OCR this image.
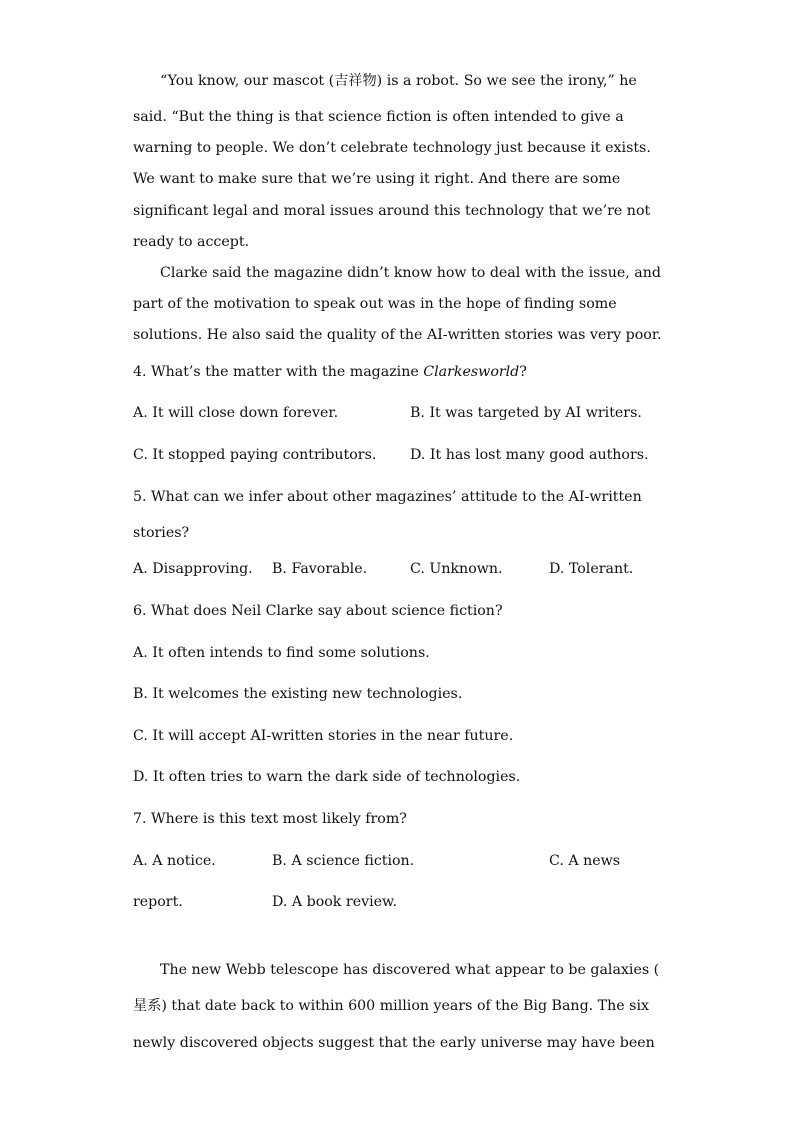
“You know, our mascot (吉祥物) is a robot. So we see the irony,” he
said. “But the thing is that science fiction is often intended to give a
warning to people. We don’t celebrate technology just because it exists.
We want to make sure that we’re using it right. And there are some
significant legal and moral issues around this technology that we’re not
ready to accept.
Clarke said the magazine didn’t know how to deal with the issue, and
part of the motivation to speak out was in the hope of finding some
solutions. He also said the quality of the AI-written stories was very poor.
4. What’s the matter with the magazine Clarkesworld?
A. It will close down forever.	B. It was targeted by AI writers.
C. It stopped paying contributors. D. It has lost many good authors.
5. What can we infer about other magazines’ attitude to the AI-written
stories?
A. Disapproving. B. Favorable.	C. Unknown.	D. Tolerant.
6. What does Neil Clarke say about science fiction?
A. It often intends to find some solutions.
B. It welcomes the existing new technologies.
C. It will accept AI-written stories in the near future.
D. It often tries to warn the dark side of technologies.
7. Where is this text most likely from?
A. A notice.	B. A science fiction.	C. A news
report.	D. A book review.
The new Webb telescope has discovered what appear to be galaxies (
星系) that date back to within 600 million years of the Big Bang. The six
newly discovered objects suggest that the early universe may have been
